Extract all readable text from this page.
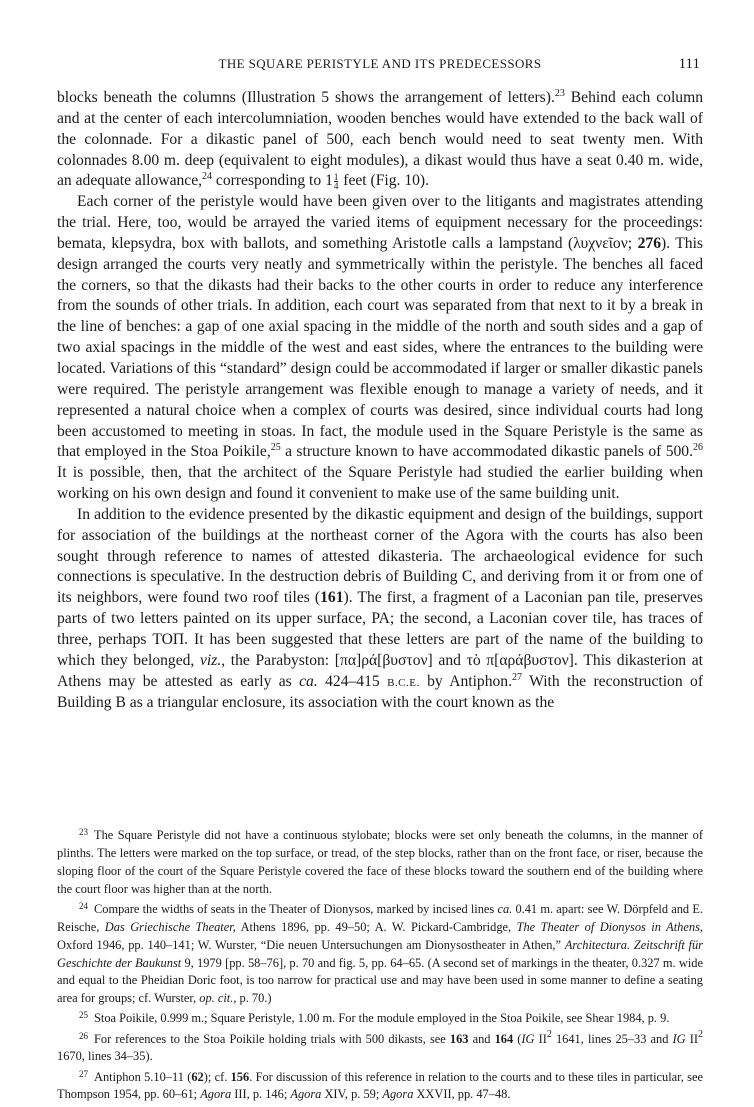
THE SQUARE PERISTYLE AND ITS PREDECESSORS	111

blocks beneath the columns (Illustration 5 shows the arrangement of letters).$^{23}$ Behind each column and at the center of each intercolumniation, wooden benches would have extended to the back wall of the colonnade. For a dikastic panel of 500, each bench would need to seat twenty men. With colonnades 8.00 m. deep (equivalent to eight modules), a dikast would thus have a seat 0.40 m. wide, an adequate allowance,$^{24}$ corresponding to $1 \frac{1}{4}$ feet (Fig. 10).

Each corner of the peristyle would have been given over to the litigants and magistrates attending the trial. Here, too, would be arrayed the varied items of equipment necessary for the proceedings: bemata, klepsydra, box with ballots, and something Aristotle calls a lampstand (λυχνεῖον; 276). This design arranged the courts very neatly and symmetrically within the peristyle. The benches all faced the corners, so that the dikasts had their backs to the other courts in order to reduce any interference from the sounds of other trials. In addition, each court was separated from that next to it by a break in the line of benches: a gap of one axial spacing in the middle of the north and south sides and a gap of two axial spacings in the middle of the west and east sides, where the entrances to the building were located. Variations of this “standard” design could be accommodated if larger or smaller dikastic panels were required. The peristyle arrangement was flexible enough to manage a variety of needs, and it represented a natural choice when a complex of courts was desired, since individual courts had long been accustomed to meeting in stoas. In fact, the module used in the Square Peristyle is the same as that employed in the Stoa Poikile,$^{25}$ a structure known to have accommodated dikastic panels of 500.26 It is possible, then, that the architect of the Square Peristyle had studied the earlier building when working on his own design and found it convenient to make use of the same building unit.

In addition to the evidence presented by the dikastic equipment and design of the buildings, support for association of the buildings at the northeast corner of the Agora with the courts has also been sought through reference to names of attested dikasteria. The archaeological evidence for such connections is speculative. In the destruction debris of Building C, and deriving from it or from one of its neighbors, were found two roof tiles (161). The first, a fragment of a Laconian pan tile, preserves parts of two letters painted on its upper surface, PA; the second, a Laconian cover tile, has traces of three, perhaps ΤΟΠ. It has been suggested that these letters are part of the name of the building to which they belonged, viz., the Parabyston: [πα]ρά[βυστον] and τὸ π[αράβυστον]. This dikasterion at Athens may be attested as early as ca. 424–415 B.C.E. by Antiphon.$^{27}$ With the reconstruction of Building B as a triangular enclosure, its association with the court known as the

$^{23}$ The Square Peristyle did not have a continuous stylobate; blocks were set only beneath the columns, in the manner of plinths. The letters were marked on the top surface, or tread, of the step blocks, rather than on the front face, or riser, because the sloping floor of the court of the Square Peristyle covered the face of these blocks toward the southern end of the building where the court floor was higher than at the north.

$^{24}$ Compare the widths of seats in the Theater of Dionysos, marked by incised lines ca. 0.41 m. apart: see W. Dörpfeld and E. Reische, Das Griechische Theater, Athens 1896, pp. 49–50; A. W. Pickard-Cambridge, The Theater of Dionysos in Athens, Oxford 1946, pp. 140–141; W. Wurster, “Die neuen Untersuchungen am Dionysostheater in Athen,” Architectura. Zeitschrift für Geschichte der Baukunst 9, 1979 [pp. 58–76], p. 70 and fig. 5, pp. 64–65. (A second set of markings in the theater, 0.327 m. wide and equal to the Pheidian Doric foot, is too narrow for practical use and may have been used in some manner to define a seating area for groups; cf. Wurster, op. cit., p. 70.)

$^{25}$ Stoa Poikile, 0.999 m.; Square Peristyle, 1.00 m. For the module employed in the Stoa Poikile, see Shear 1984, p. 9.

$^{26}$ For references to the Stoa Poikile holding trials with 500 dikasts, see 163 and 164 (IG $II^2$ 1641, lines 25–33 and IG $II^2$ 1670, lines 34–35).

$^{27}$ Antiphon 5.10–11 (62); cf. 156. For discussion of this reference in relation to the courts and to these tiles in particular, see Thompson 1954, pp. 60–61; Agora III, p. 146; Agora XIV, p. 59; Agora XXVII, pp. 47–48.
